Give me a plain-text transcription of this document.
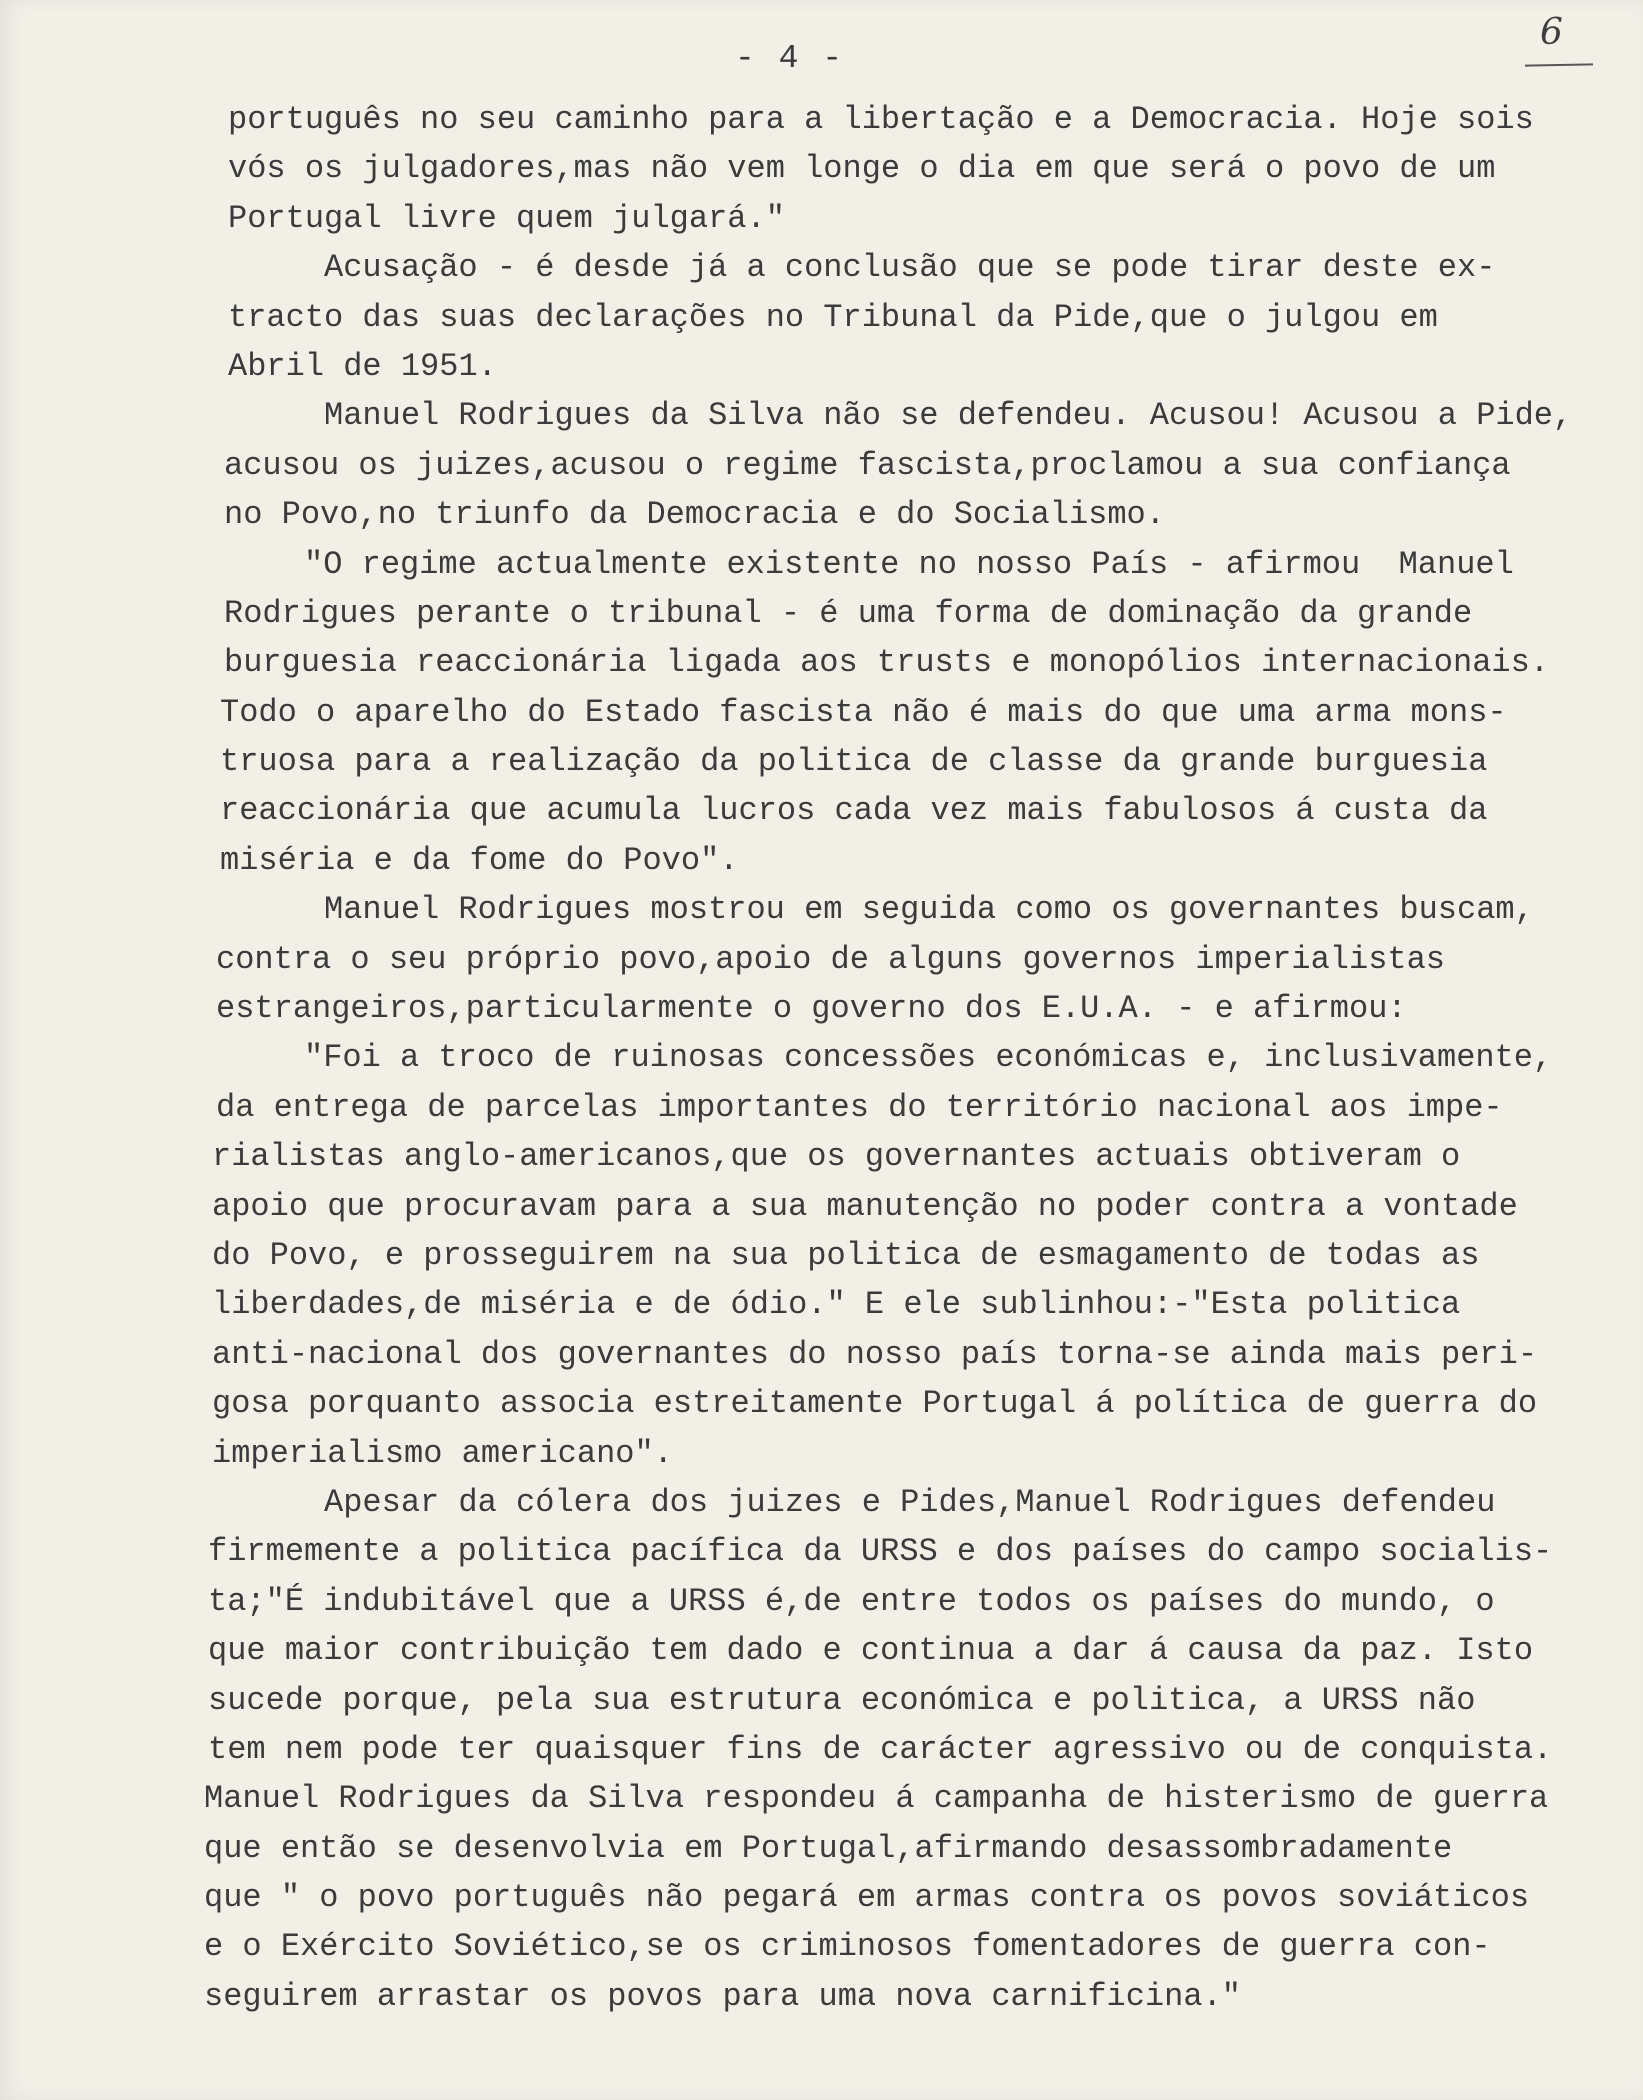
- 4 -
6
português no seu caminho para a libertação e a Democracia. Hoje sois
vós os julgadores,mas não vem longe o dia em que será o povo de um
Portugal livre quem julgará."
Acusação - é desde já a conclusão que se pode tirar deste ex-
tracto das suas declarações no Tribunal da Pide,que o julgou em
Abril de 1951.
Manuel Rodrigues da Silva não se defendeu. Acusou! Acusou a Pide,
acusou os juizes,acusou o regime fascista,proclamou a sua confiança
no Povo,no triunfo da Democracia e do Socialismo.
"O regime actualmente existente no nosso País - afirmou  Manuel
Rodrigues perante o tribunal - é uma forma de dominação da grande
burguesia reaccionária ligada aos trusts e monopólios internacionais.
Todo o aparelho do Estado fascista não é mais do que uma arma mons-
truosa para a realização da politica de classe da grande burguesia
reaccionária que acumula lucros cada vez mais fabulosos á custa da
miséria e da fome do Povo".
Manuel Rodrigues mostrou em seguida como os governantes buscam,
contra o seu próprio povo,apoio de alguns governos imperialistas
estrangeiros,particularmente o governo dos E.U.A. - e afirmou:
"Foi a troco de ruinosas concessões económicas e, inclusivamente,
da entrega de parcelas importantes do território nacional aos impe-
rialistas anglo-americanos,que os governantes actuais obtiveram o
apoio que procuravam para a sua manutenção no poder contra a vontade
do Povo, e prosseguirem na sua politica de esmagamento de todas as
liberdades,de miséria e de ódio." E ele sublinhou:-"Esta politica
anti-nacional dos governantes do nosso país torna-se ainda mais peri-
gosa porquanto associa estreitamente Portugal á política de guerra do
imperialismo americano".
Apesar da cólera dos juizes e Pides,Manuel Rodrigues defendeu
firmemente a politica pacífica da URSS e dos países do campo socialis-
ta;"É indubitável que a URSS é,de entre todos os países do mundo, o
que maior contribuição tem dado e continua a dar á causa da paz. Isto
sucede porque, pela sua estrutura económica e politica, a URSS não
tem nem pode ter quaisquer fins de carácter agressivo ou de conquista.
Manuel Rodrigues da Silva respondeu á campanha de histerismo de guerra
que então se desenvolvia em Portugal,afirmando desassombradamente
que " o povo português não pegará em armas contra os povos soviáticos
e o Exército Soviético,se os criminosos fomentadores de guerra con-
seguirem arrastar os povos para uma nova carnificina."
